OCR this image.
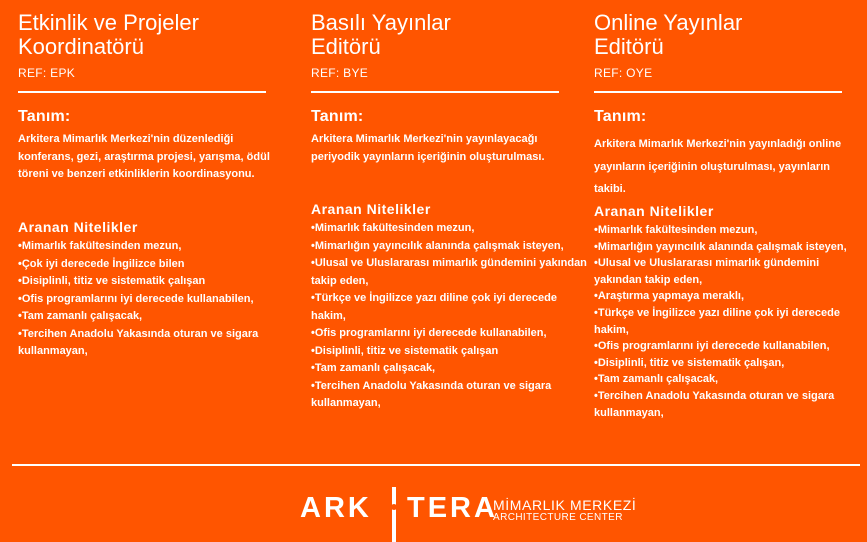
Etkinlik ve Projeler
Koordinatörü
REF: EPK
Tanım:

Arkitera Mimarlık Merkezi'nin düzenlediği konferans, gezi, araştırma projesi, yarışma, ödül töreni ve benzeri etkinliklerin koordinasyonu.

Aranan Nitelikler
• Mimarlık fakültesinden mezun,
• Çok iyi derecede İngilizce bilen
• Disiplinli, titiz ve sistematik çalışan
• Ofis programlarını iyi derecede kullanabilen,
• Tam zamanlı çalışacak,
• Tercihen Anadolu Yakasında oturan ve sigara kullanmayan,
Basılı Yayınlar
Editörü
REF: BYE
Tanım:

Arkitera Mimarlık Merkezi'nin yayınlayacağı periyodik yayınların içeriğinin oluşturulması.

Aranan Nitelikler
• Mimarlık fakültesinden mezun,
• Mimarlığın yayıncılık alanında çalışmak isteyen,
• Ulusal ve Uluslararası mimarlık gündemini yakından takip eden,
• Türkçe ve İngilizce yazı diline çok iyi derecede hakim,
• Ofis programlarını iyi derecede kullanabilen,
• Disiplinli, titiz ve sistematik çalışan
• Tam zamanlı çalışacak,
• Tercihen Anadolu Yakasında oturan ve sigara kullanmayan,
Online Yayınlar
Editörü
REF: OYE
Tanım:

Arkitera Mimarlık Merkezi'nin yayınladığı online yayınların içeriğinin oluşturulması, yayınların takibi.

Aranan Nitelikler
• Mimarlık fakültesinden mezun,
• Mimarlığın yayıncılık alanında çalışmak isteyen,
• Ulusal ve Uluslararası mimarlık gündemini yakından takip eden,
• Araştırma yapmaya meraklı,
• Türkçe ve İngilizce yazı diline çok iyi derecede hakim,
• Ofis programlarını iyi derecede kullanabilen,
• Disiplinli, titiz ve sistematik çalışan,
• Tam zamanlı çalışacak,
• Tercihen Anadolu Yakasında oturan ve sigara kullanmayan,
ARK TERA
MİMARLIK MERKEZİ
ARCHITECTURE CENTER
